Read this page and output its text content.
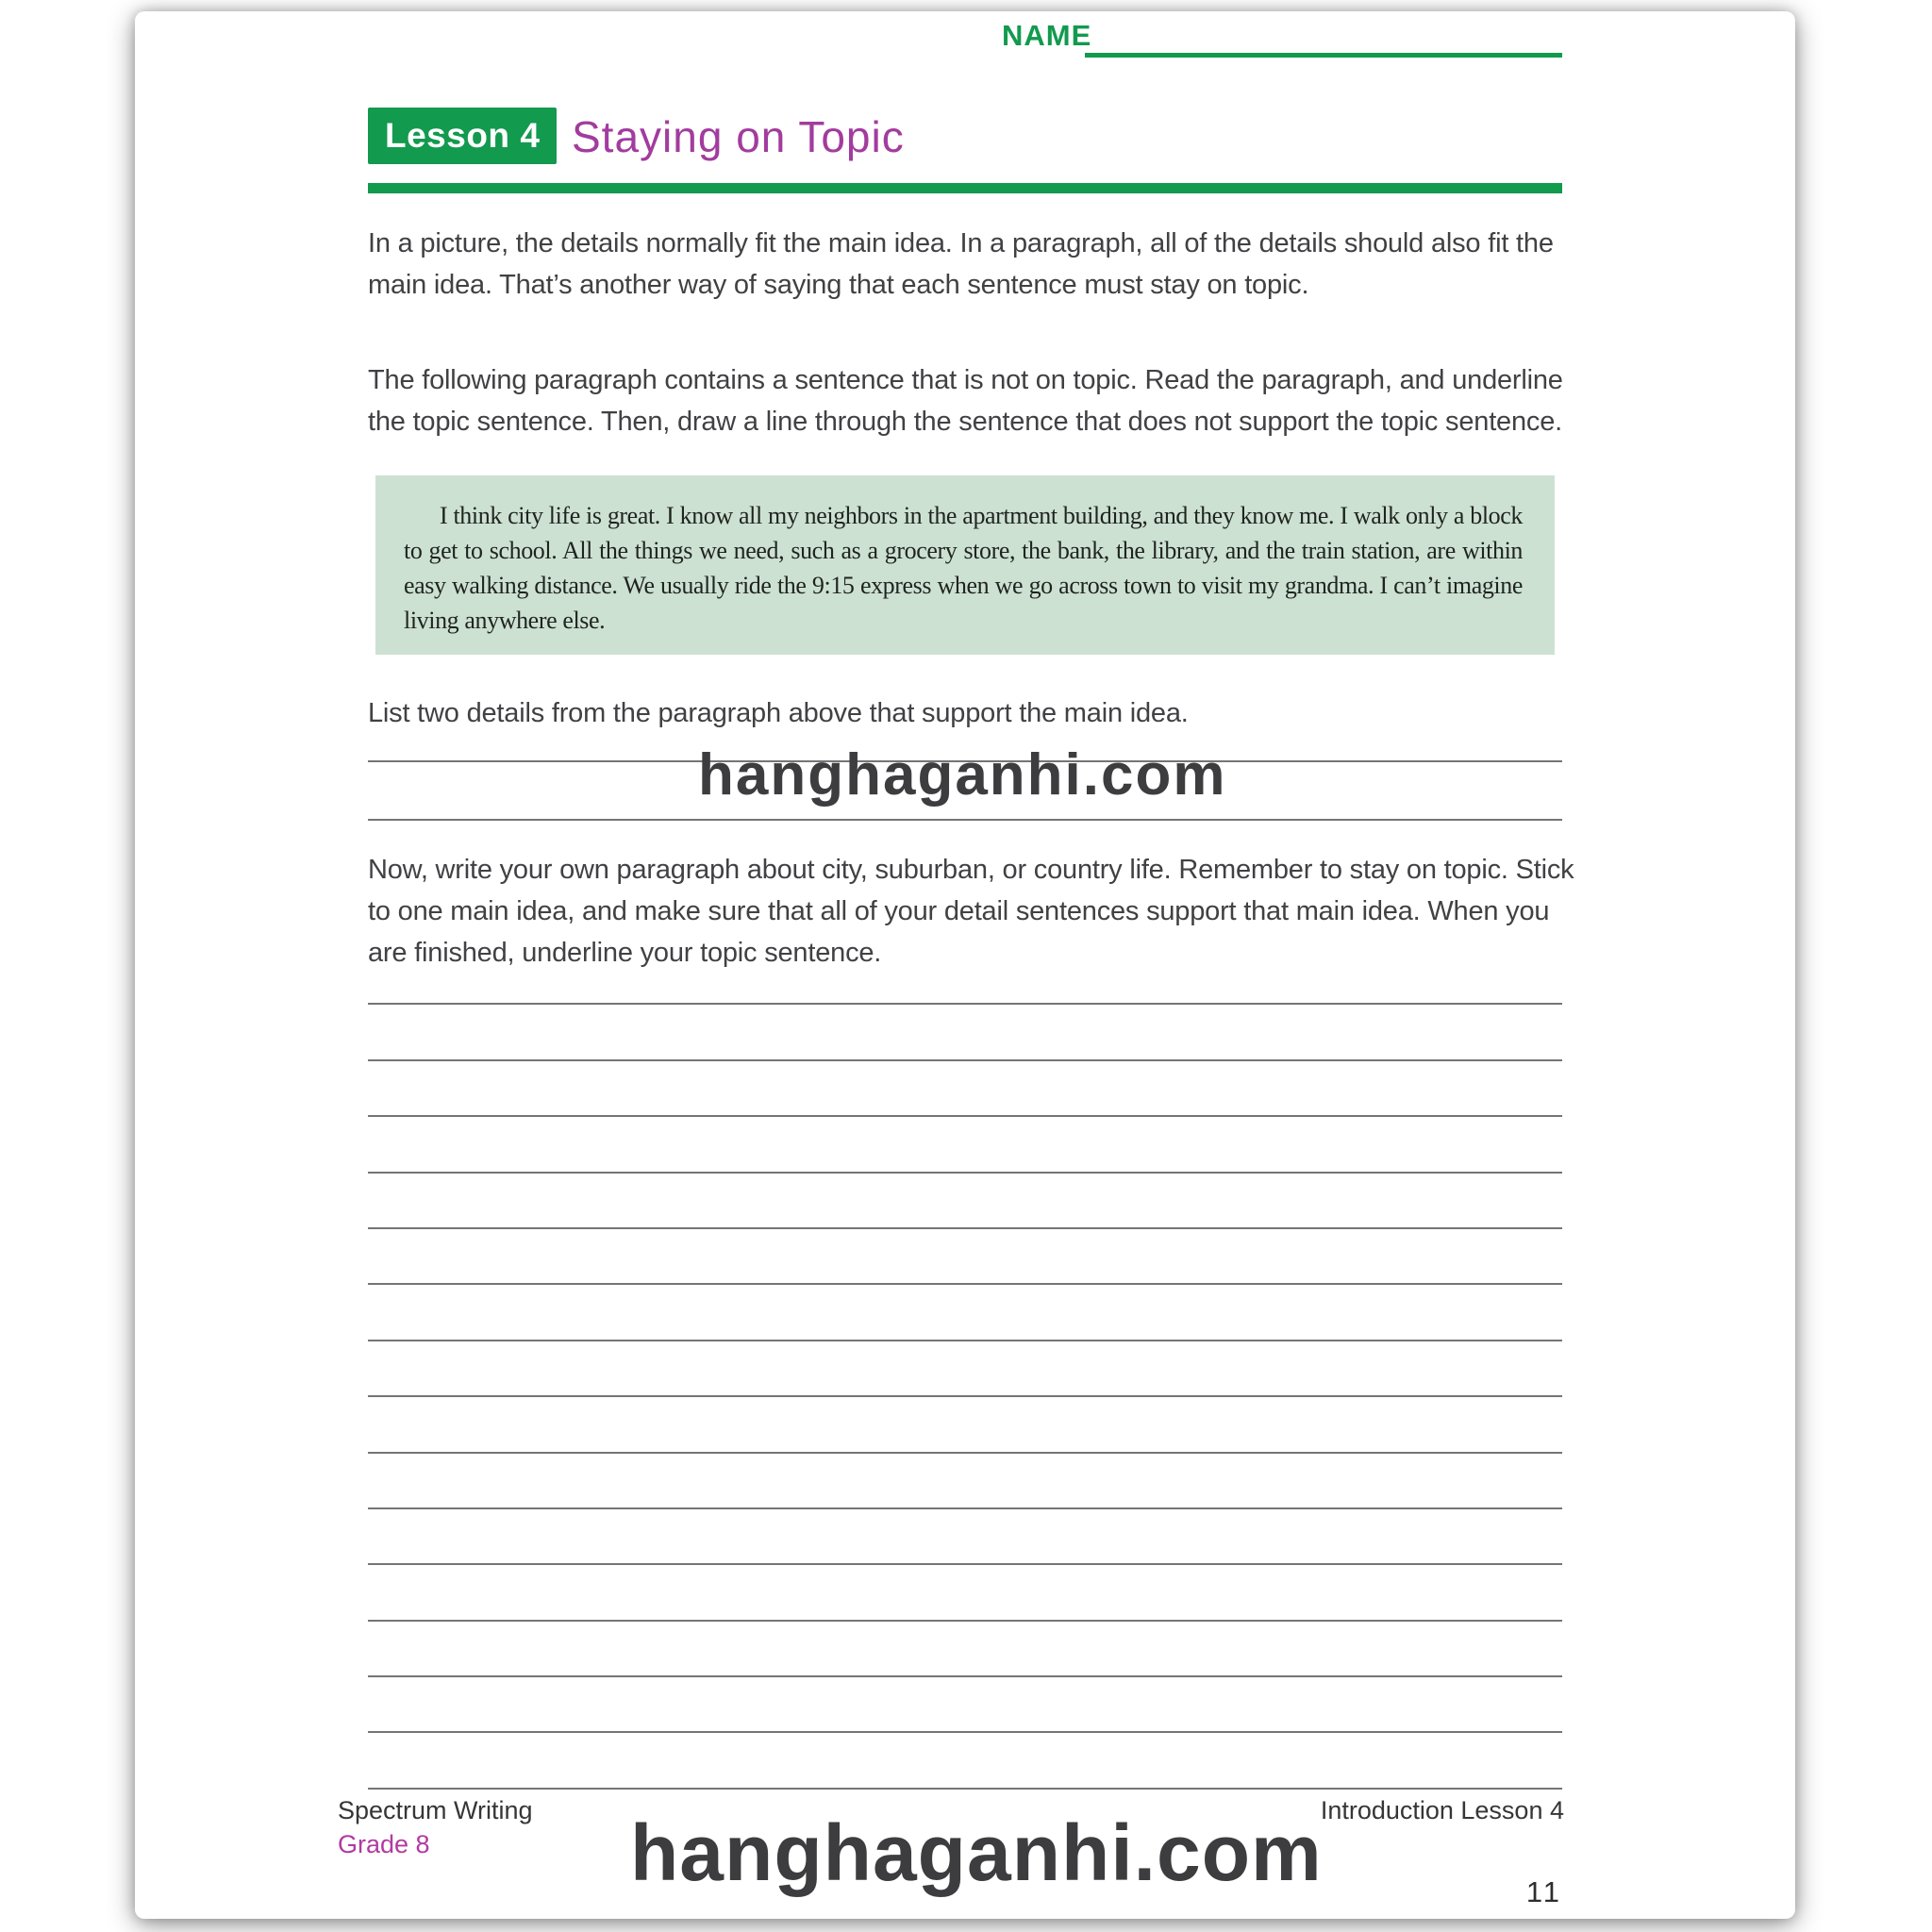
NAME
Lesson 4 Staying on Topic
In a picture, the details normally fit the main idea. In a paragraph, all of the details should also fit the main idea. That’s another way of saying that each sentence must stay on topic.
The following paragraph contains a sentence that is not on topic. Read the paragraph, and underline the topic sentence. Then, draw a line through the sentence that does not support the topic sentence.
I think city life is great. I know all my neighbors in the apartment building, and they know me. I walk only a block to get to school. All the things we need, such as a grocery store, the bank, the library, and the train station, are within easy walking distance. We usually ride the 9:15 express when we go across town to visit my grandma. I can’t imagine living anywhere else.
List two details from the paragraph above that support the main idea.
hanghaganhi.com
Now, write your own paragraph about city, suburban, or country life. Remember to stay on topic. Stick to one main idea, and make sure that all of your detail sentences support that main idea. When you are finished, underline your topic sentence.
Spectrum Writing
Grade 8
Introduction Lesson 4
11
hanghaganhi.com
